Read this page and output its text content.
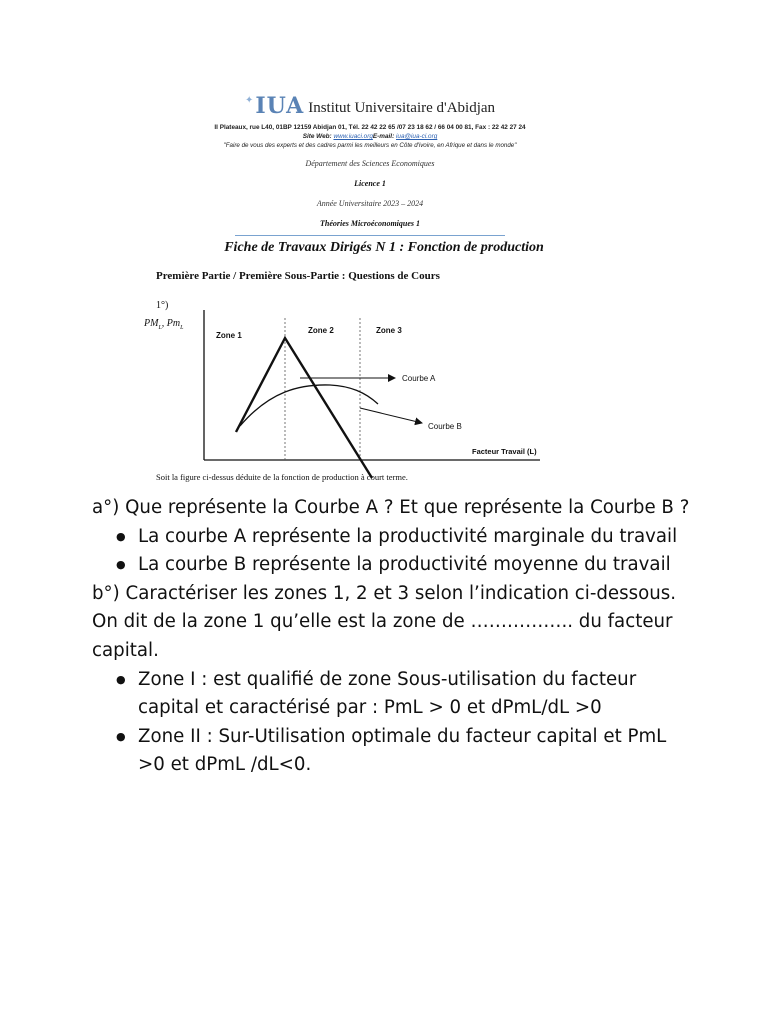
✦ IUA Institut Universitaire d'Abidjan
II Plateaux, rue L40, 01BP 12159 Abidjan 01, Tél. 22 42 22 65 /07 23 18 62 / 66 04 00 81, Fax : 22 42 27 24
Site Web: www.iuaci.orgE-mail: iua@iua-ci.org
"Faire de vous des experts et des cadres parmi les meilleurs en Côte d'ivoire, en Afrique et dans le monde"
Département des Sciences Economiques
Licence 1
Année Universitaire 2023 – 2024
Théories Microéconomiques 1
Fiche de Travaux Dirigés N 1 : Fonction de production
Première Partie / Première Sous-Partie : Questions de Cours
1°)
$PM_L$, $Pm_L$
Zone 1
Zone 2	Zone 3
Courbe A
Courbe B
Facteur Travail (L)
Soit la figure ci-dessus déduite de la fonction de production à court terme.

a°) Que représente la Courbe A ? Et que représente la Courbe B ?

● La courbe A représente la productivité marginale du travail
● La courbe B représente la productivité moyenne du travail

b°) Caractériser les zones 1, 2 et 3 selon l’indication ci-dessous.

On dit de la zone 1 qu’elle est la zone de …………….. du facteur capital.

● Zone I : est qualifié de zone Sous-utilisation du facteur capital et caractérisé par : PmL > 0 et dPmL/dL >0
● Zone II : Sur-Utilisation optimale du facteur capital et PmL >0 et dPmL /dL<0.
